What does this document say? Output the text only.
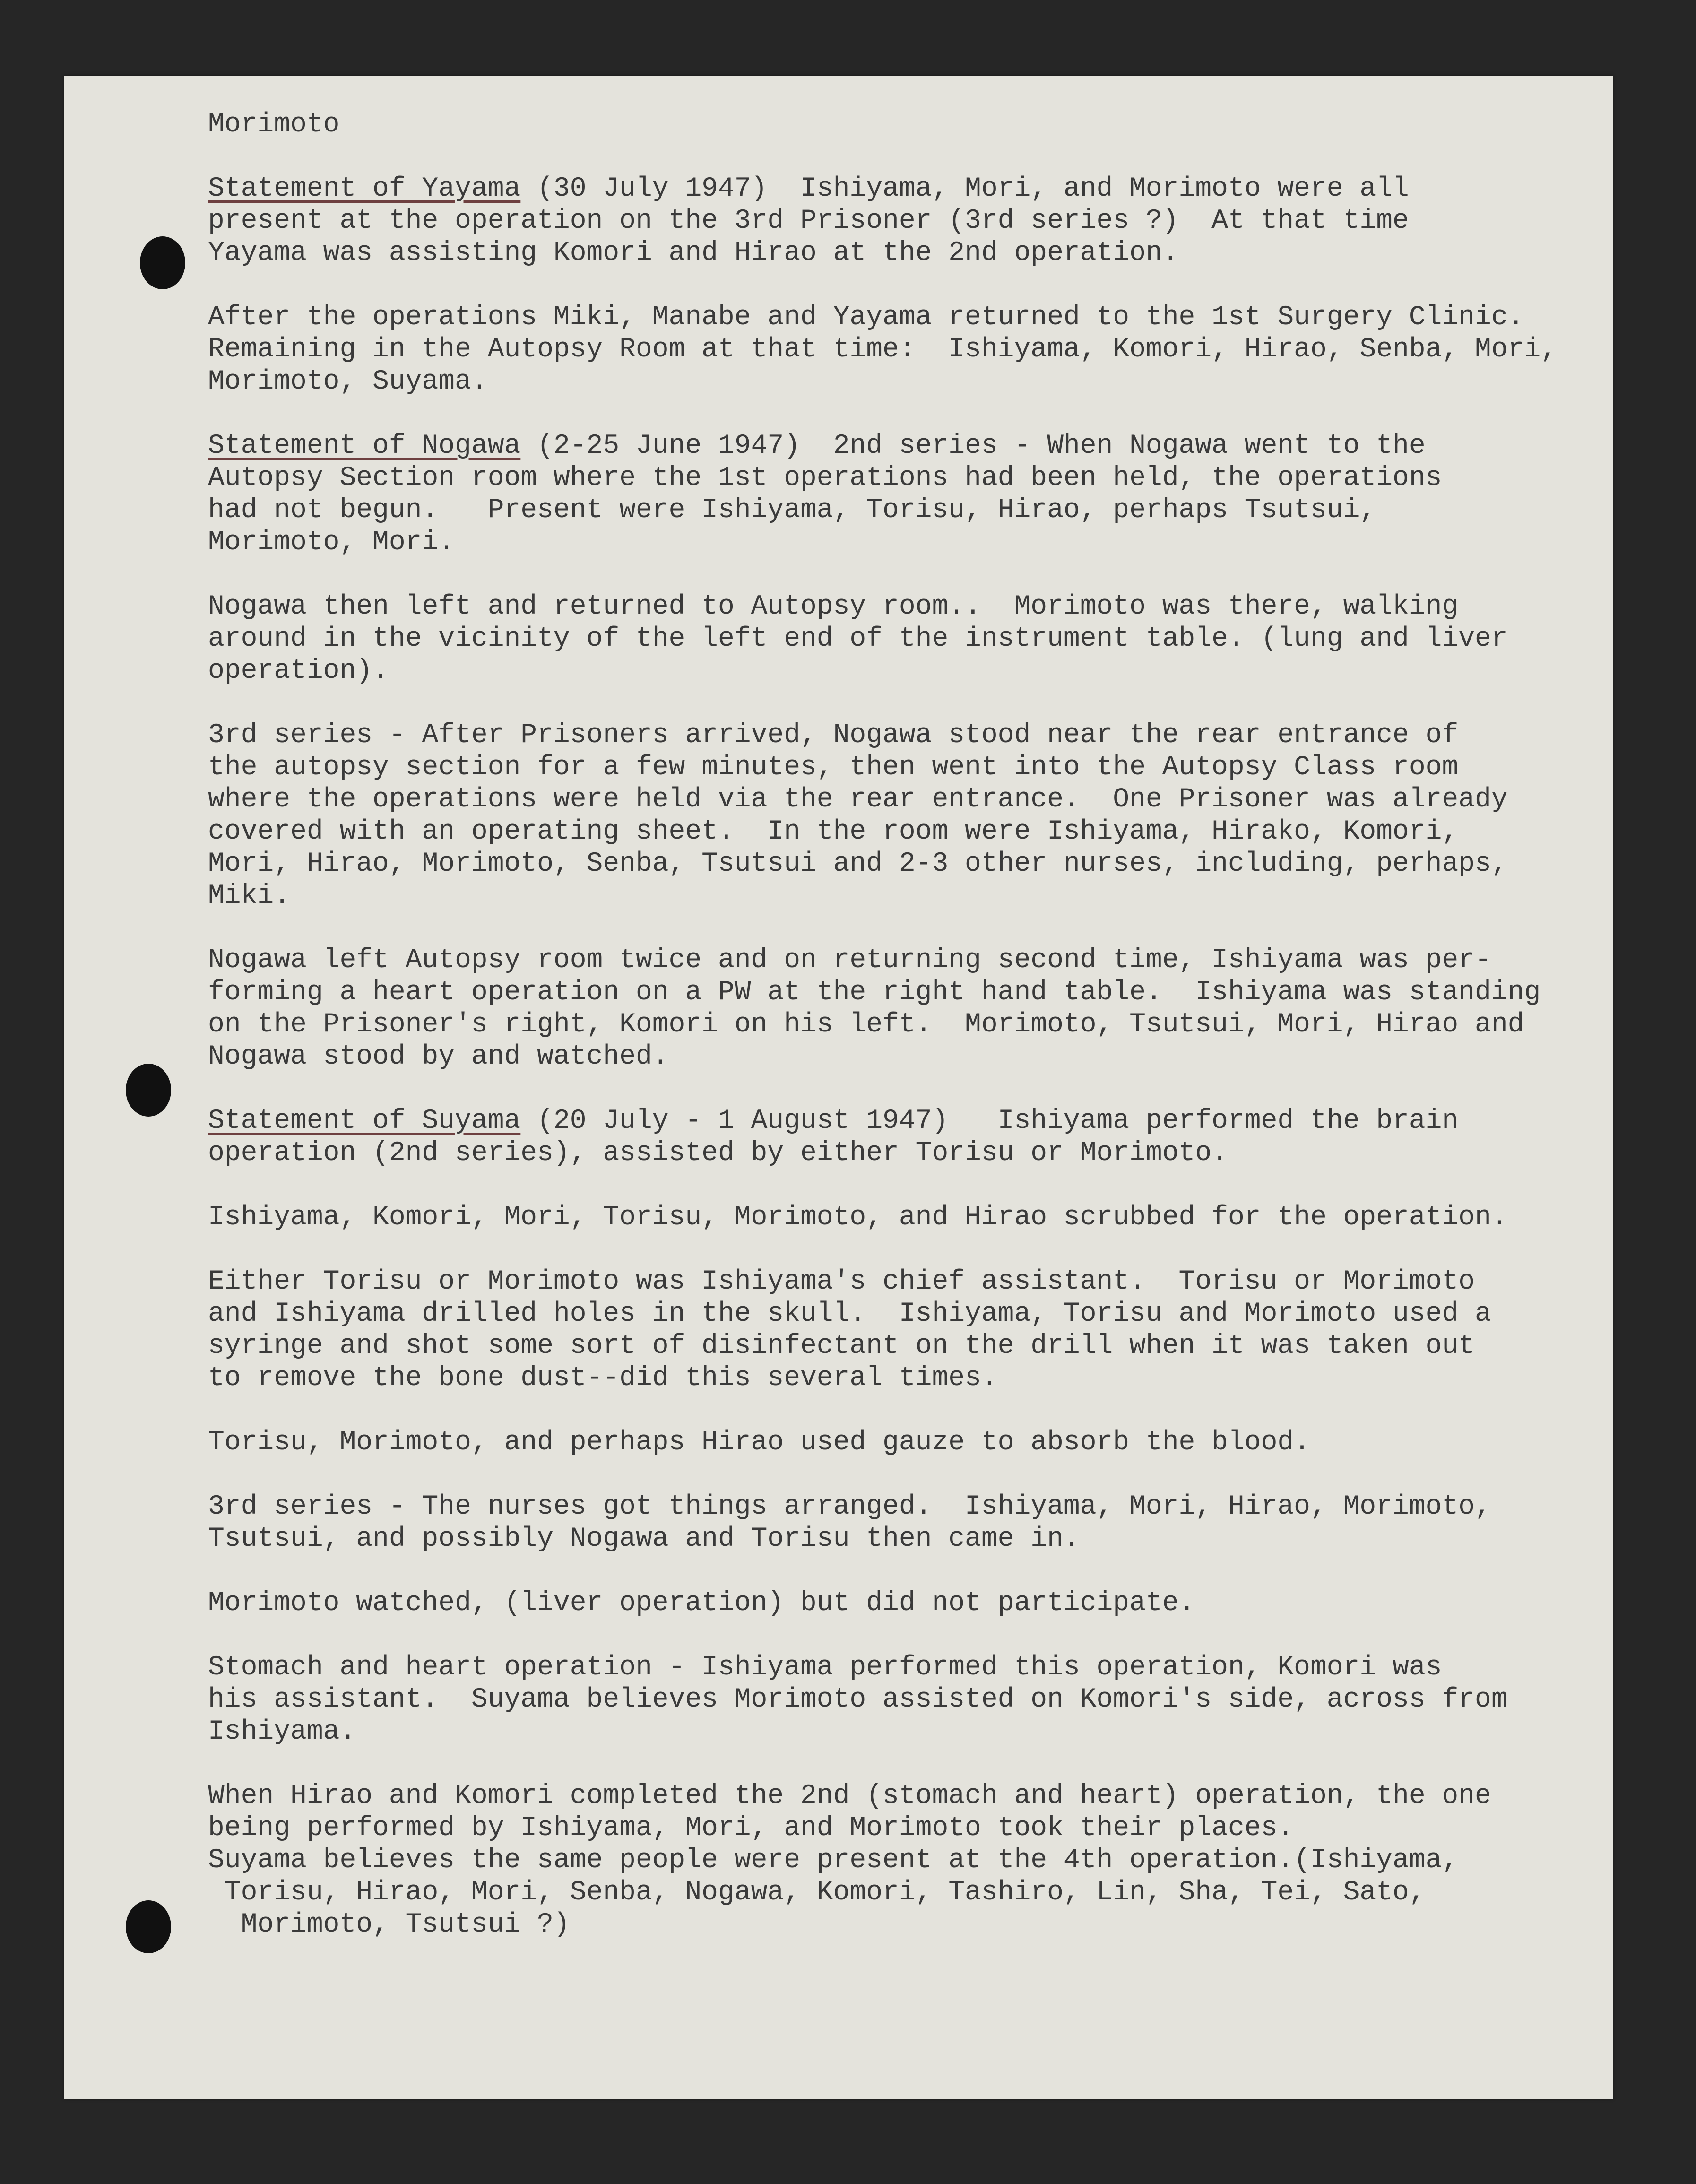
Morimoto
Statement of Yayama (30 July 1947)  Ishiyama, Mori, and Morimoto were all
present at the operation on the 3rd Prisoner (3rd series ?)  At that time
Yayama was assisting Komori and Hirao at the 2nd operation.
After the operations Miki, Manabe and Yayama returned to the 1st Surgery Clinic.
Remaining in the Autopsy Room at that time:  Ishiyama, Komori, Hirao, Senba, Mori,
Morimoto, Suyama.
Statement of Nogawa (2-25 June 1947)  2nd series - When Nogawa went to the
Autopsy Section room where the 1st operations had been held, the operations
had not begun.   Present were Ishiyama, Torisu, Hirao, perhaps Tsutsui,
Morimoto, Mori.
Nogawa then left and returned to Autopsy room..  Morimoto was there, walking
around in the vicinity of the left end of the instrument table. (lung and liver
operation).
3rd series - After Prisoners arrived, Nogawa stood near the rear entrance of
the autopsy section for a few minutes, then went into the Autopsy Class room
where the operations were held via the rear entrance.  One Prisoner was already
covered with an operating sheet.  In the room were Ishiyama, Hirako, Komori,
Mori, Hirao, Morimoto, Senba, Tsutsui and 2-3 other nurses, including, perhaps,
Miki.
Nogawa left Autopsy room twice and on returning second time, Ishiyama was per-
forming a heart operation on a PW at the right hand table.  Ishiyama was standing
on the Prisoner's right, Komori on his left.  Morimoto, Tsutsui, Mori, Hirao and
Nogawa stood by and watched.
Statement of Suyama (20 July - 1 August 1947)   Ishiyama performed the brain
operation (2nd series), assisted by either Torisu or Morimoto.
Ishiyama, Komori, Mori, Torisu, Morimoto, and Hirao scrubbed for the operation.
Either Torisu or Morimoto was Ishiyama's chief assistant.  Torisu or Morimoto
and Ishiyama drilled holes in the skull.  Ishiyama, Torisu and Morimoto used a
syringe and shot some sort of disinfectant on the drill when it was taken out
to remove the bone dust--did this several times.
Torisu, Morimoto, and perhaps Hirao used gauze to absorb the blood.
3rd series - The nurses got things arranged.  Ishiyama, Mori, Hirao, Morimoto,
Tsutsui, and possibly Nogawa and Torisu then came in.
Morimoto watched, (liver operation) but did not participate.
Stomach and heart operation - Ishiyama performed this operation, Komori was
his assistant.  Suyama believes Morimoto assisted on Komori's side, across from
Ishiyama.
When Hirao and Komori completed the 2nd (stomach and heart) operation, the one
being performed by Ishiyama, Mori, and Morimoto took their places.
Suyama believes the same people were present at the 4th operation.(Ishiyama,
Torisu, Hirao, Mori, Senba, Nogawa, Komori, Tashiro, Lin, Sha, Tei, Sato,
Morimoto, Tsutsui ?)
